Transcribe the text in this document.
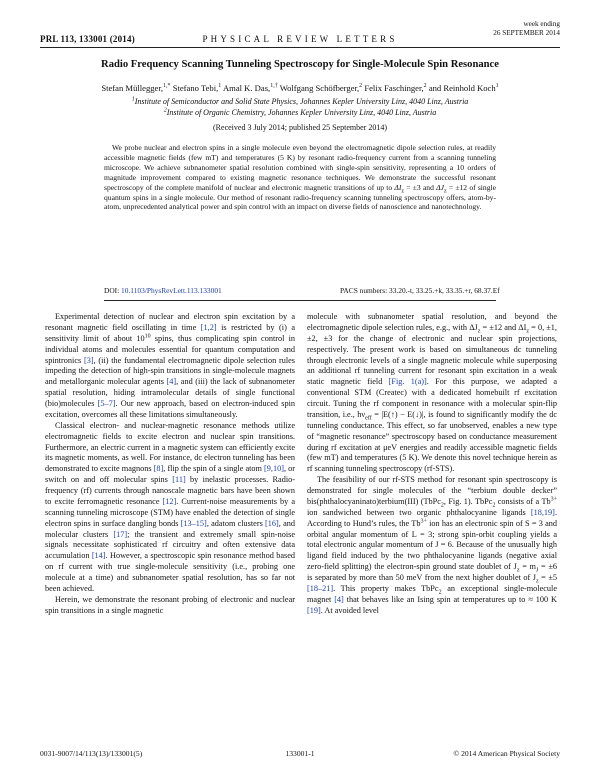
PRL 113, 133001 (2014)	PHYSICAL REVIEW LETTERS
week ending
26 SEPTEMBER 2014
Radio Frequency Scanning Tunneling Spectroscopy for Single-Molecule Spin Resonance
Stefan Müllegger,$^{1,*}$ Stefano Tebi,$^1$ Amal K. Das,$^{1,\dagger}$ Wolfgang Schöfberger,$^2$ Felix Faschinger,$^2$ and Reinhold Koch$^1$
$^1$Institute of Semiconductor and Solid State Physics, Johannes Kepler University Linz, 4040 Linz, Austria
$^2$Institute of Organic Chemistry, Johannes Kepler University Linz, 4040 Linz, Austria
(Received 3 July 2014; published 25 September 2014)

We probe nuclear and electron spins in a single molecule even beyond the electromagnetic dipole selection rules, at readily accessible magnetic fields (few mT) and temperatures (5 K) by resonant radio-frequency current from a scanning tunneling microscope. We achieve subnanometer spatial resolution combined with single-spin sensitivity, representing a 10 orders of magnitude improvement compared to existing magnetic resonance techniques. We demonstrate the successful resonant spectroscopy of the complete manifold of nuclear and electronic magnetic transitions of up to $\Delta I_z = \pm 3$ and $\Delta J_z = \pm 12$ of single quantum spins in a single molecule. Our method of resonant radio-frequency scanning tunneling spectroscopy offers, atom-by-atom, unprecedented analytical power and spin control with an impact on diverse fields of nanoscience and nanotechnology.

DOI: 10.1103/PhysRevLett.113.133001	PACS numbers: 33.20.-t, 33.25.+k, 33.35.+r, 68.37.Ef

Experimental detection of nuclear and electron spin excitation by a resonant magnetic field oscillating in time [1,2] is restricted by (i) a sensitivity limit of about $10^{10}$ spins, thus complicating spin control in individual atoms and molecules essential for quantum computation and spintronics [3], (ii) the fundamental electromagnetic dipole selection rules impeding the detection of high-spin transitions in single-molecule magnets and metallorganic molecular agents [4], and (iii) the lack of subnanometer spatial resolution, hiding intramolecular details of single functional (bio)molecules [5–7]. Our new approach, based on electron-induced spin excitation, overcomes all these limitations simultaneously.

Classical electron- and nuclear-magnetic resonance methods utilize electromagnetic fields to excite electron and nuclear spin transitions. Furthermore, an electric current in a magnetic system can efficiently excite its magnetic moments, as well. For instance, dc electron tunneling has been demonstrated to excite magnons [8], flip the spin of a single atom [9,10], or switch on and off molecular spins [11] by inelastic processes. Radio-frequency (rf) currents through nanoscale magnetic bars have been shown to excite ferromagnetic resonance [12]. Current-noise measurements by a scanning tunneling microscope (STM) have enabled the detection of single electron spins in surface dangling bonds [13–15], adatom clusters [16], and molecular clusters [17]; the transient and extremely small spin-noise signals necessitate sophisticated rf circuitry and often extensive data accumulation [14]. However, a spectroscopic spin resonance method based on rf current with true single-molecule sensitivity (i.e., probing one molecule at a time) and subnanometer spatial resolution, has so far not been achieved.

Herein, we demonstrate the resonant probing of electronic and nuclear spin transitions in a single magnetic

molecule with subnanometer spatial resolution, and beyond the electromagnetic dipole selection rules, e.g., with $\Delta J_z = \pm 12$ and $\Delta I_z = 0$, ±1, ±2, ±3 for the change of electronic and nuclear spin projections, respectively. The present work is based on simultaneous dc tunneling through electronic levels of a single magnetic molecule while superposing an additional rf tunneling current for resonant spin excitation in a weak static magnetic field [Fig. 1(a)]. For this purpose, we adapted a conventional STM (Createc) with a dedicated homebuilt rf excitation circuit. Tuning the rf component in resonance with a molecular spin-flip transition, i.e., $h\nu_{eff}$ = |E(↑) − E(↓)|, is found to significantly modify the dc tunneling conductance. This effect, so far unobserved, enables a new type of “magnetic resonance” spectroscopy based on conductance measurement during rf excitation at μeV energies and readily accessible magnetic fields (few mT) and temperatures (5 K). We denote this novel technique herein as rf scanning tunneling spectroscopy (rf-STS).

The feasibility of our rf-STS method for resonant spin spectroscopy is demonstrated for single molecules of the “terbium double decker” bis(phthalocyaninato)terbium(III) (TbPc$_2$, Fig. 1). TbPc$_2$ consists of a $Tb^{3+}$ ion sandwiched between two organic phthalocyanine ligands [18,19]. According to Hund’s rules, the $Tb^{3+}$ ion has an electronic spin of S = 3 and orbital angular momentum of L = 3; strong spin-orbit coupling yields a total electronic angular momentum of J = 6. Because of the unusually high ligand field induced by the two phthalocyanine ligands (negative axial zero-field splitting) the electron-spin ground state doublet of $J_z = m_J = \pm 6$ is separated by more than 50 meV from the next higher doublet of $J_z = \pm 5$ [18–21]. This property makes TbPc$_2$ an exceptional single-molecule magnet [4] that behaves like an Ising spin at temperatures up to ≈ 100 K [19]. At avoided level

0031-9007/14/113(13)/133001(5)	133001-1	© 2014 American Physical Society
